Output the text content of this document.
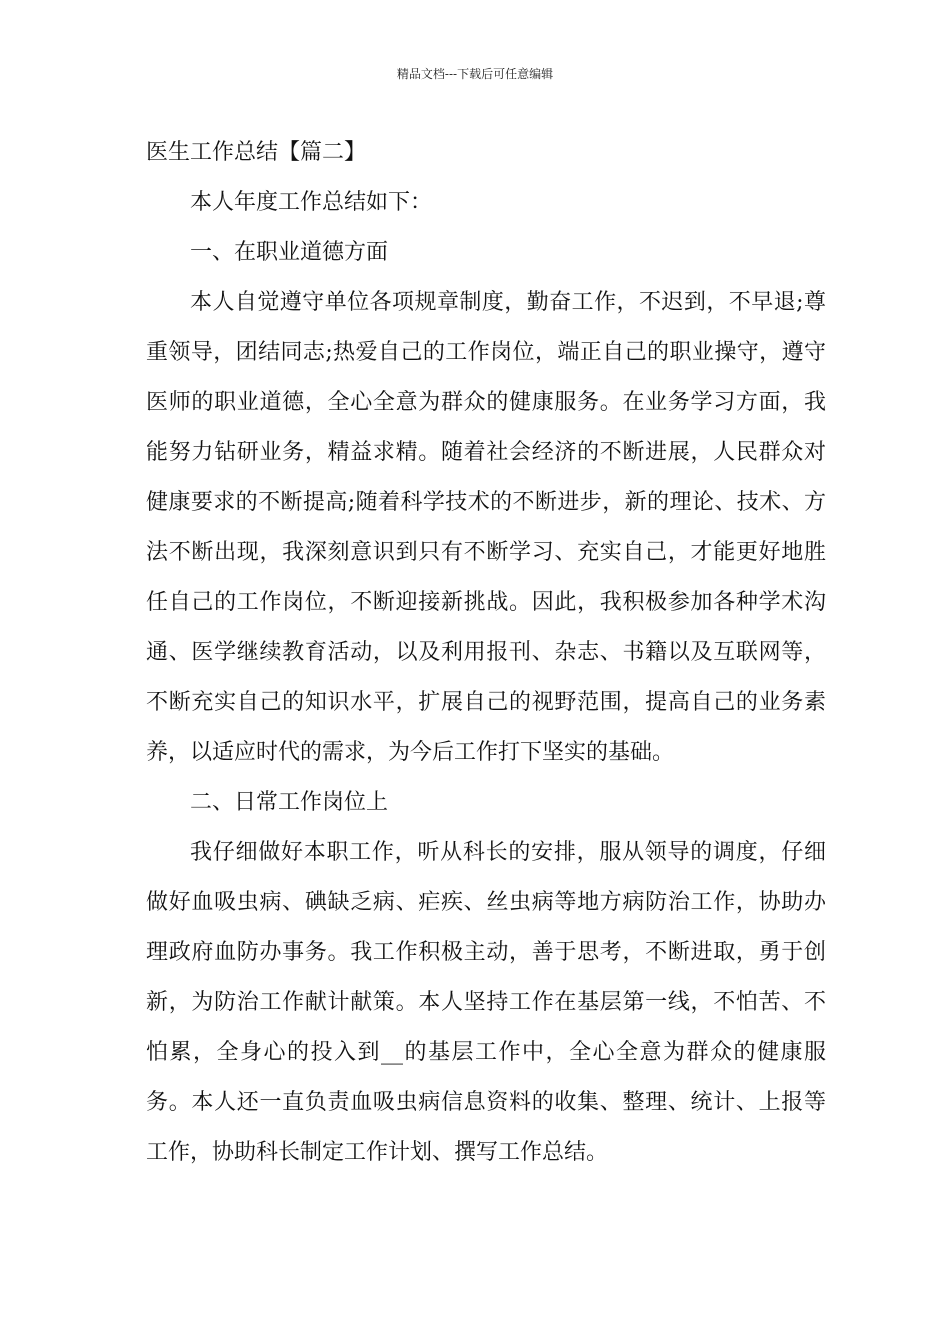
精品文档---下载后可任意编辑

医生工作总结【篇二】

本人年度工作总结如下：

一、在职业道德方面

本人自觉遵守单位各项规章制度，勤奋工作，不迟到，不早退;尊重领导，团结同志;热爱自己的工作岗位，端正自己的职业操守，遵守医师的职业道德，全心全意为群众的健康服务。在业务学习方面，我能努力钻研业务，精益求精。随着社会经济的不断进展，人民群众对健康要求的不断提高;随着科学技术的不断进步，新的理论、技术、方法不断出现，我深刻意识到只有不断学习、充实自己，才能更好地胜任自己的工作岗位，不断迎接新挑战。因此，我积极参加各种学术沟通、医学继续教育活动，以及利用报刊、杂志、书籍以及互联网等，不断充实自己的知识水平，扩展自己的视野范围，提高自己的业务素养，以适应时代的需求，为今后工作打下坚实的基础。

二、日常工作岗位上

我仔细做好本职工作，听从科长的安排，服从领导的调度，仔细做好血吸虫病、碘缺乏病、疟疾、丝虫病等地方病防治工作，协助办理政府血防办事务。我工作积极主动，善于思考，不断进取，勇于创新，为防治工作献计献策。本人坚持工作在基层第一线，不怕苦、不怕累，全身心的投入到__的基层工作中，全心全意为群众的健康服务。本人还一直负责血吸虫病信息资料的收集、整理、统计、上报等工作，协助科长制定工作计划、撰写工作总结。
